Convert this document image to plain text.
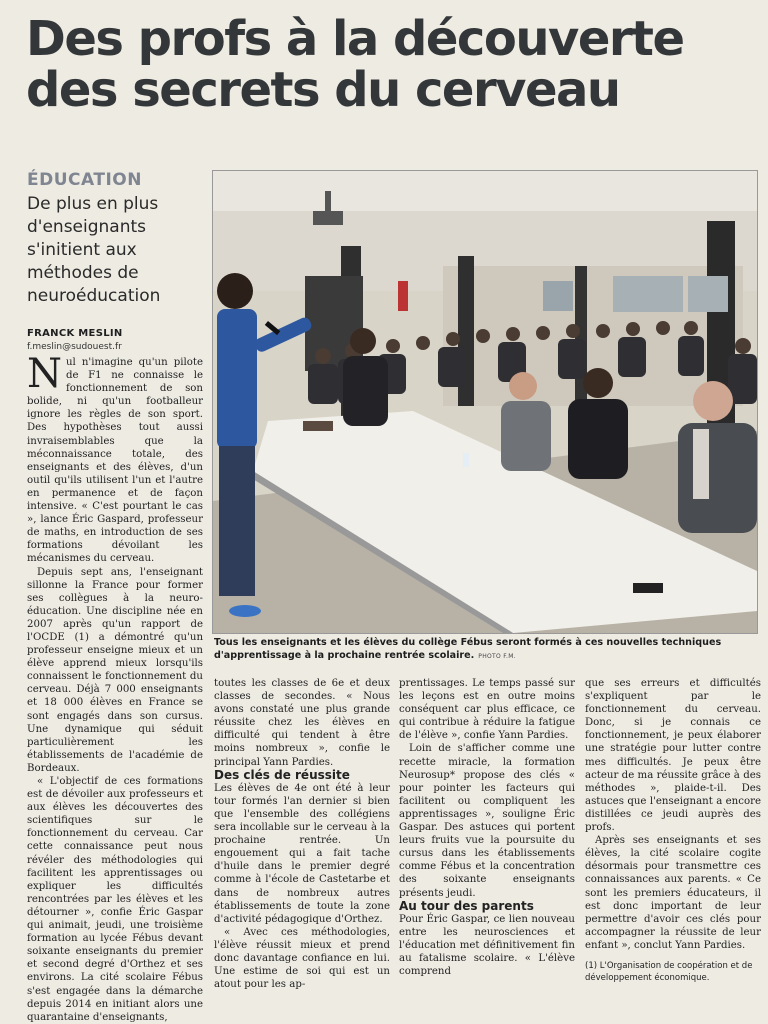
Des profs à la découverte
des secrets du cerveau
ÉDUCATION
De plus en plus d'enseignants s'initient aux méthodes de neuroéducation
FRANCK MESLIN
f.meslin@sudouest.fr

Nul n'imagine qu'un pilote de F1 ne connaisse le fonctionnement de son bolide, ni qu'un footballeur ignore les règles de son sport. Des hypothèses tout aussi invraisemblables que la méconnaissance totale, des enseignants et des élèves, d'un outil qu'ils utilisent l'un et l'autre en permanence et de façon intensive. « C'est pourtant le cas », lance Éric Gaspard, professeur de maths, en introduction de ses formations dévoilant les mécanismes du cerveau.

Depuis sept ans, l'enseignant sillonne la France pour former ses collègues à la neuro-éducation. Une discipline née en 2007 après qu'un rapport de l'OCDE (1) a démontré qu'un professeur enseigne mieux et un élève apprend mieux lorsqu'ils connaissent le fonctionnement du cerveau. Déjà 7 000 enseignants et 18 000 élèves en France se sont engagés dans son cursus. Une dynamique qui séduit particulièrement les établissements de l'académie de Bordeaux.

« L'objectif de ces formations est de dévoiler aux professeurs et aux élèves les découvertes des scientifiques sur le fonctionnement du cerveau. Car cette connaissance peut nous révéler des méthodologies qui facilitent les apprentissages ou expliquer les difficultés rencontrées par les élèves et les détourner », confie Éric Gaspar qui animait, jeudi, une troisième formation au lycée Fébus devant soixante enseignants du premier et second degré d'Orthez et ses environs. La cité scolaire Fébus s'est engagée dans la démarche depuis 2014 en initiant alors une quarantaine d'enseignants,

Tous les enseignants et les élèves du collège Fébus seront formés à ces nouvelles techniques d'apprentissage à la prochaine rentrée scolaire. PHOTO F.M.

toutes les classes de 6e et deux classes de secondes. « Nous avons constaté une plus grande réussite chez les élèves en difficulté qui tendent à être moins nombreux », confie le principal Yann Pardies.

Des clés de réussite

Les élèves de 4e ont été à leur tour formés l'an dernier si bien que l'ensemble des collégiens sera incollable sur le cerveau à la prochaine rentrée. Un engouement qui a fait tache d'huile dans le premier degré comme à l'école de Castetarbe et dans de nombreux autres établissements de toute la zone d'activité pédagogique d'Orthez.

« Avec ces méthodologies, l'élève réussit mieux et prend donc davantage confiance en lui. Une estime de soi qui est un atout pour les ap-

prentissages. Le temps passé sur les leçons est en outre moins conséquent car plus efficace, ce qui contribue à réduire la fatigue de l'élève », confie Yann Pardies.

Loin de s'afficher comme une recette miracle, la formation Neurosup* propose des clés « pour pointer les facteurs qui facilitent ou compliquent les apprentissages », souligne Éric Gaspar. Des astuces qui portent leurs fruits vue la poursuite du cursus dans les établissements comme Fébus et la concentration des soixante enseignants présents jeudi.

Au tour des parents

Pour Éric Gaspar, ce lien nouveau entre les neurosciences et l'éducation met définitivement fin au fatalisme scolaire. « L'élève comprend

que ses erreurs et difficultés s'expliquent par le fonctionnement du cerveau. Donc, si je connais ce fonctionnement, je peux élaborer une stratégie pour lutter contre mes difficultés. Je peux être acteur de ma réussite grâce à des méthodes », plaide-t-il. Des astuces que l'enseignant a encore distillées ce jeudi auprès des profs.

Après ses enseignants et ses élèves, la cité scolaire cogite désormais pour transmettre ces connaissances aux parents. « Ce sont les premiers éducateurs, il est donc important de leur permettre d'avoir ces clés pour accompagner la réussite de leur enfant », conclut Yann Pardies.

(1) L'Organisation de coopération et de développement économique.
